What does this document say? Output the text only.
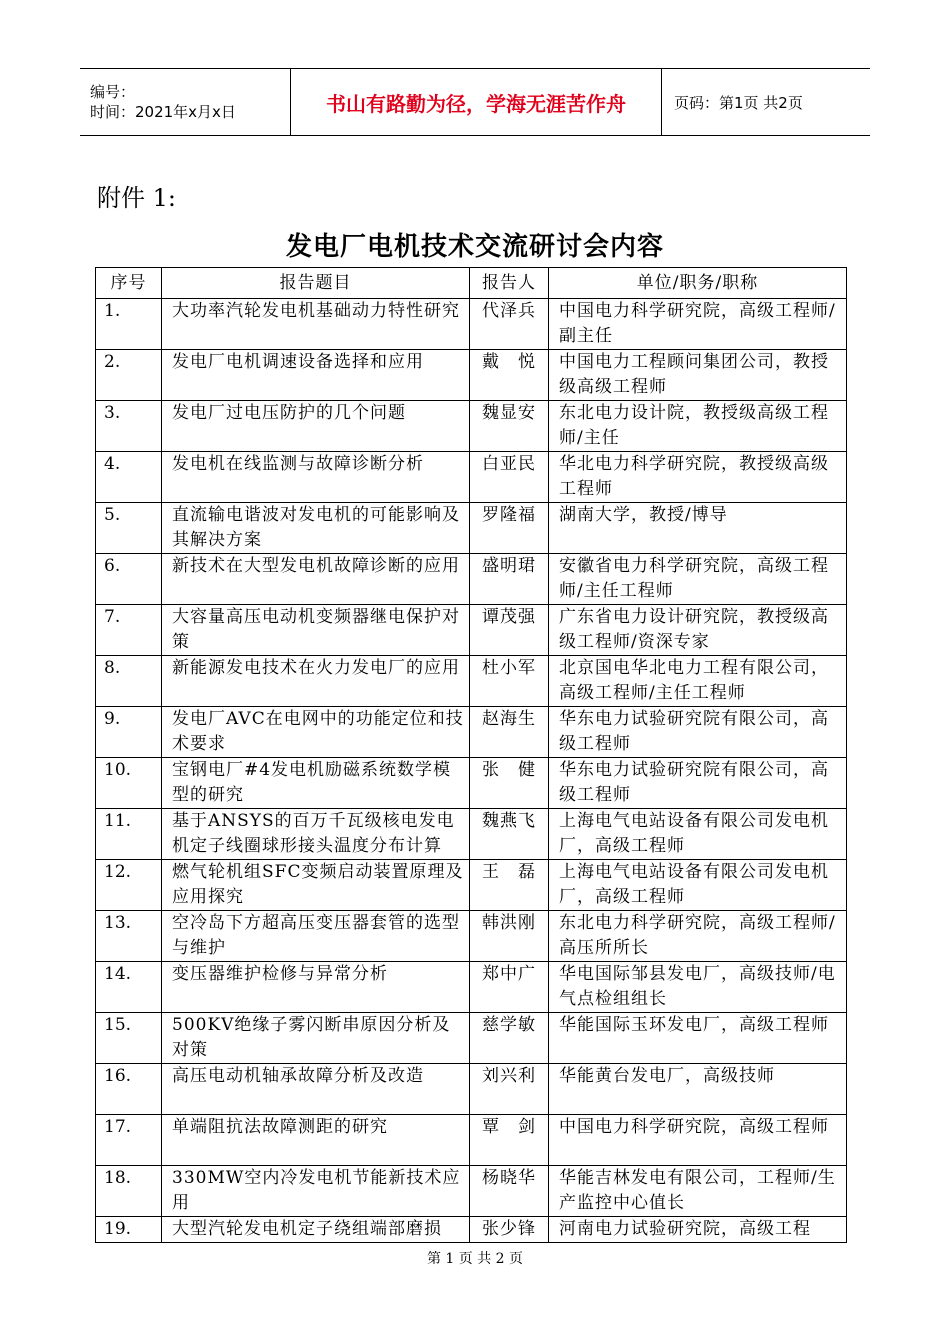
编号：
时间：2021年x月x日	书山有路勤为径，学海无涯苦作舟	页码：第1页 共2页
附件 1:
发电厂电机技术交流研讨会内容
序号	报告题目	报告人	单位/职务/职称
1.	大功率汽轮发电机基础动力特性研究	代泽兵	中国电力科学研究院，高级工程师/副主任
2.	发电厂电机调速设备选择和应用	戴　悦	中国电力工程顾问集团公司，教授级高级工程师
3.	发电厂过电压防护的几个问题	魏显安	东北电力设计院，教授级高级工程师/主任
4.	发电机在线监测与故障诊断分析	白亚民	华北电力科学研究院，教授级高级工程师
5.	直流输电谐波对发电机的可能影响及其解决方案	罗隆福	湖南大学，教授/博导
6.	新技术在大型发电机故障诊断的应用	盛明珺	安徽省电力科学研究院，高级工程师/主任工程师
7.	大容量高压电动机变频器继电保护对策	谭茂强	广东省电力设计研究院，教授级高级工程师/资深专家
8.	新能源发电技术在火力发电厂的应用	杜小军	北京国电华北电力工程有限公司，高级工程师/主任工程师
9.	发电厂AVC在电网中的功能定位和技术要求	赵海生	华东电力试验研究院有限公司，高级工程师
10.	宝钢电厂#4发电机励磁系统数学模型的研究	张　健	华东电力试验研究院有限公司，高级工程师
11.	基于ANSYS的百万千瓦级核电发电机定子线圈球形接头温度分布计算	魏燕飞	上海电气电站设备有限公司发电机厂，高级工程师
12.	燃气轮机组SFC变频启动装置原理及应用探究	王　磊	上海电气电站设备有限公司发电机厂，高级工程师
13.	空冷岛下方超高压变压器套管的选型与维护	韩洪刚	东北电力科学研究院，高级工程师/高压所所长
14.	变压器维护检修与异常分析	郑中广	华电国际邹县发电厂，高级技师/电气点检组组长
15.	500KV绝缘子雾闪断串原因分析及对策	慈学敏	华能国际玉环发电厂，高级工程师
16.	高压电动机轴承故障分析及改造	刘兴利	华能黄台发电厂，高级技师
17.	单端阻抗法故障测距的研究	覃　剑	中国电力科学研究院，高级工程师
18.	330MW空内冷发电机节能新技术应用	杨晓华	华能吉林发电有限公司，工程师/生产监控中心值长
19.	大型汽轮发电机定子绕组端部磨损	张少锋	河南电力试验研究院，高级工程
第 1 页 共 2 页
